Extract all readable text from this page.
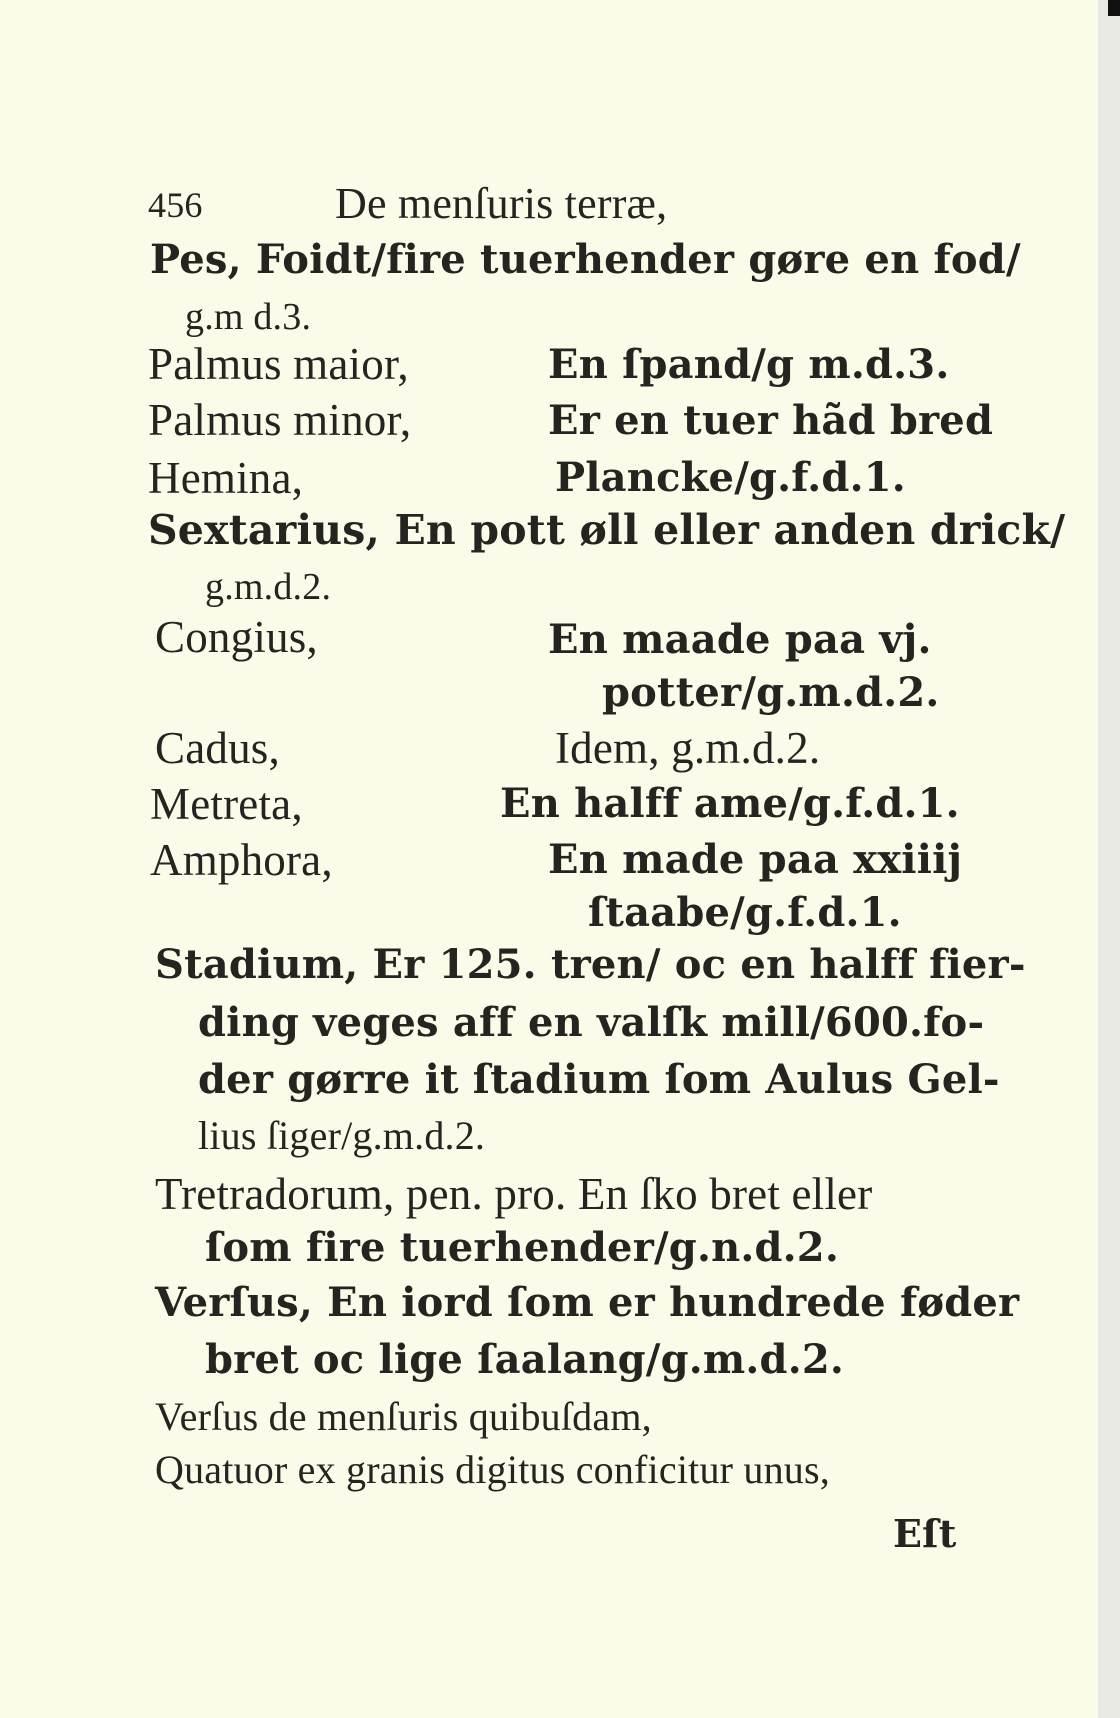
456	De menſuris terræ,
Pes, Foidt/fire tuerhender gøre en fod/
g.m d.3.
Palmus maior,	En ſpand/g m.d.3.
Palmus minor,	Er en tuer hãd bred
Hemina,	Plancke/g.f.d.1.
Sextarius, En pott øll eller anden drick/
g.m.d.2.
Congius,	En maade paa vj.
potter/g.m.d.2.
Cadus,	Idem, g.m.d.2.
Metreta,	En halff ame/g.f.d.1.
Amphora,	En made paa xxiiij
ſtaabe/g.f.d.1.
Stadium, Er 125. tren/ oc en halff fier-
ding veges aff en valſk mill/600.fo-
der gørre it ſtadium ſom Aulus Gel-
lius ſiger/g.m.d.2.
Tretradorum, pen. pro. En ſko bret eller
ſom fire tuerhender/g.n.d.2.
Verſus, En iord ſom er hundrede føder
bret oc lige ſaalang/g.m.d.2.
Verſus de menſuris quibuſdam,
Quatuor ex granis digitus conficitur unus,
Eſt
